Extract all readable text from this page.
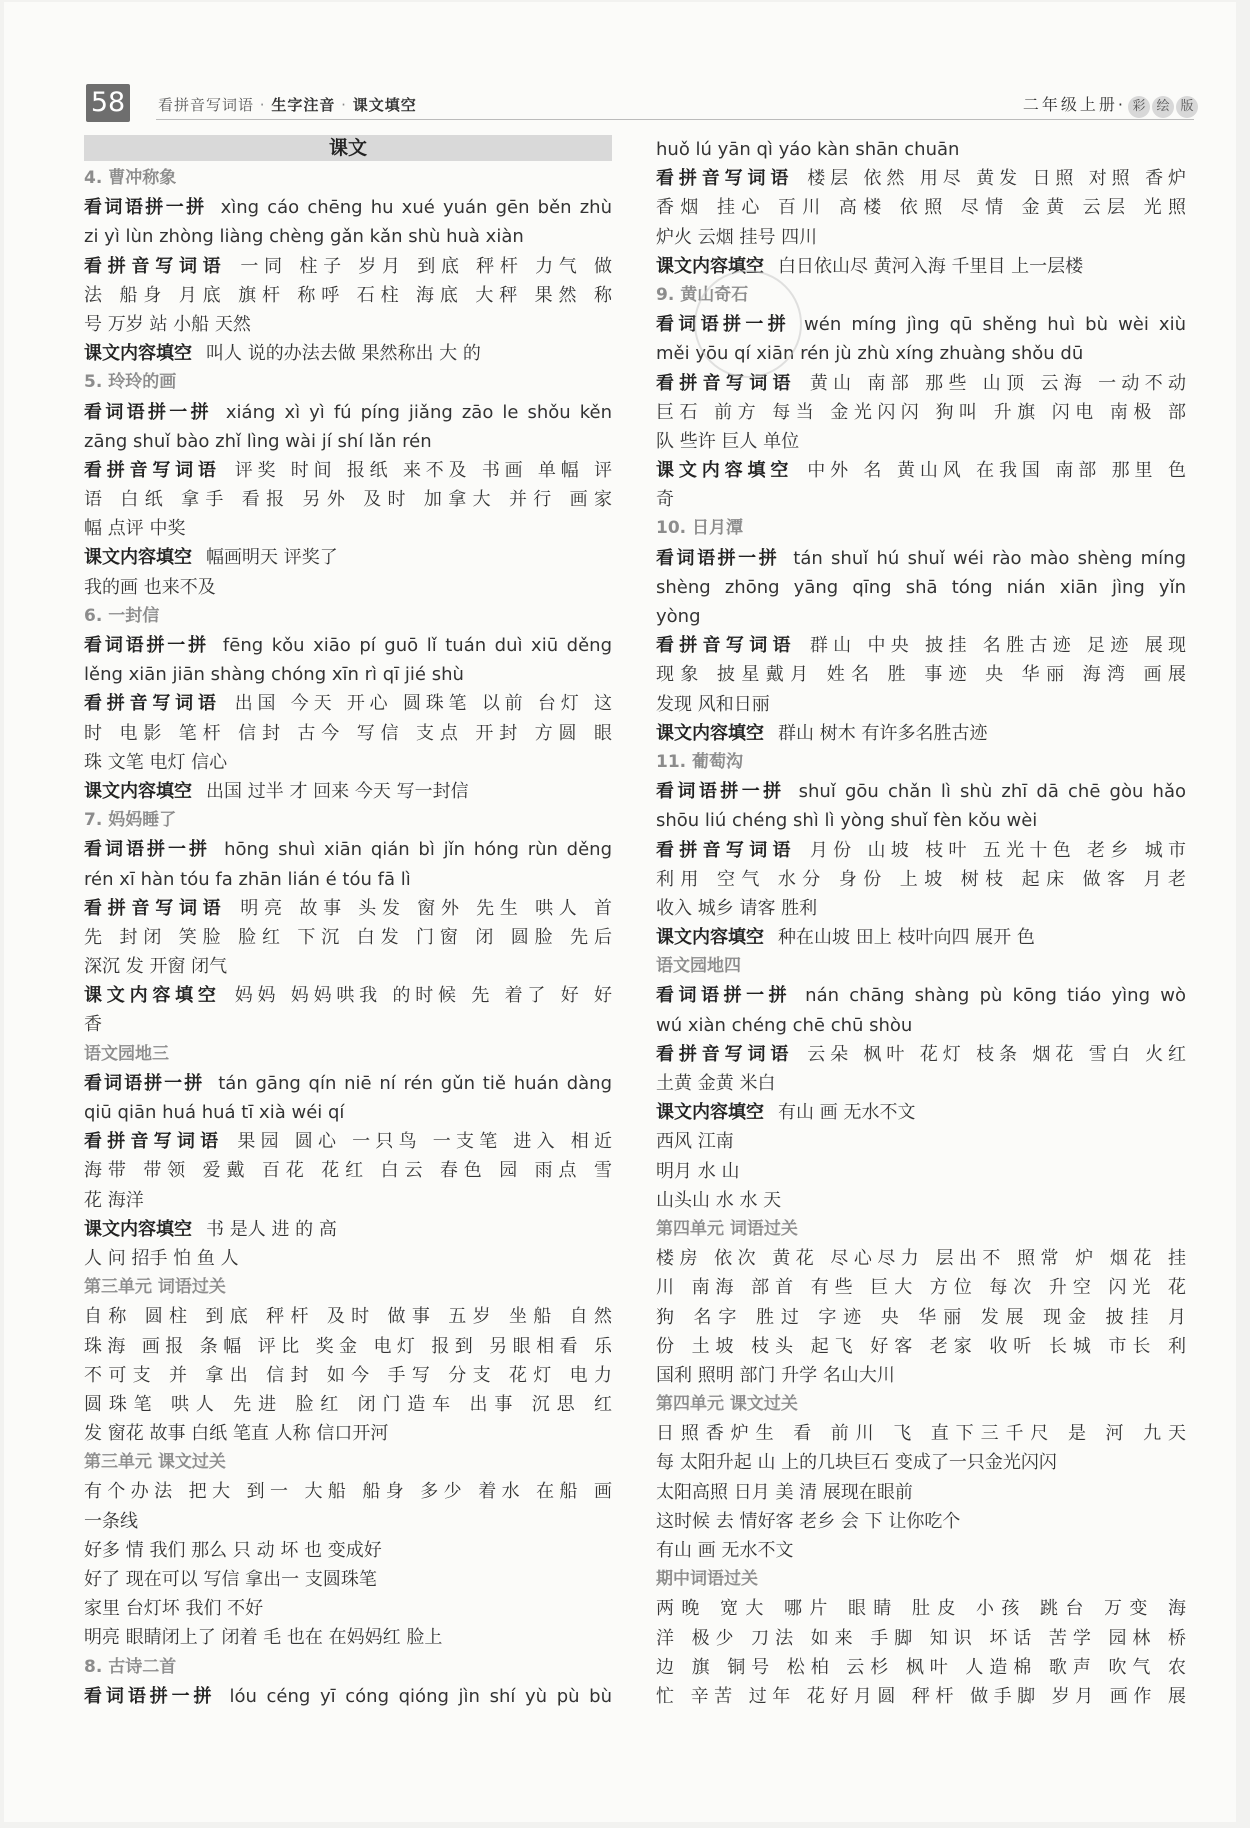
58	看拼音写词语 · 生字注音 · 课文填空	二年级上册· 彩 绘 版
课文
4. 曹冲称象
看词语拼一拼 xìng cáo chēng hu xué yuán gēn běn zhù
zi yì lùn zhòng liàng chèng gǎn kǎn shù huà xiàn
看拼音写词语 一同 柱子 岁月 到底 秤杆 力气 做
法 船身 月底 旗杆 称呼 石柱 海底 大秤 果然 称
号 万岁 站 小船 天然
课文内容填空 叫人 说的办法去做 果然称出 大 的
5. 玲玲的画
看词语拼一拼 xiáng xì yì fú píng jiǎng zāo le shǒu kěn
zāng shuǐ bào zhǐ lìng wài jí shí lǎn rén
看拼音写词语 评奖 时间 报纸 来不及 书画 单幅 评
语 白纸 拿手 看报 另外 及时 加拿大 并行 画家
幅 点评 中奖
课文内容填空 幅画明天 评奖了
我的画 也来不及
6. 一封信
看词语拼一拼 fēng kǒu xiāo pí guō lǐ tuán duì xiū děng
lěng xiān jiān shàng chóng xīn rì qī jié shù
看拼音写词语 出国 今天 开心 圆珠笔 以前 台灯 这
时 电影 笔杆 信封 古今 写信 支点 开封 方圆 眼
珠 文笔 电灯 信心
课文内容填空 出国 过半 才 回来 今天 写一封信
7. 妈妈睡了
看词语拼一拼 hōng shuì xiān qián bì jǐn hóng rùn děng
rén xī hàn tóu fa zhān lián é tóu fā lì
看拼音写词语 明亮 故事 头发 窗外 先生 哄人 首
先 封闭 笑脸 脸红 下沉 白发 门窗 闭 圆脸 先后
深沉 发 开窗 闭气
课文内容填空 妈妈 妈妈哄我 的时候 先 着了 好 好
香
语文园地三
看词语拼一拼 tán gāng qín niē ní rén gǔn tiě huán dàng
qiū qiān huá huá tī xià wéi qí
看拼音写词语 果园 圆心 一只鸟 一支笔 进入 相近
海带 带领 爱戴 百花 花红 白云 春色 园 雨点 雪
花 海洋
课文内容填空 书 是人 进 的 高
人 问 招手 怕 鱼 人
第三单元 词语过关
自称 圆柱 到底 秤杆 及时 做事 五岁 坐船 自然
珠海 画报 条幅 评比 奖金 电灯 报到 另眼相看 乐
不可支 并 拿出 信封 如今 手写 分支 花灯 电力
圆珠笔 哄人 先进 脸红 闭门造车 出事 沉思 红
发 窗花 故事 白纸 笔直 人称 信口开河
第三单元 课文过关
有个办法 把大 到一 大船 船身 多少 着水 在船 画
一条线
好多 情 我们 那么 只 动 坏 也 变成好
好了 现在可以 写信 拿出一 支圆珠笔
家里 台灯坏 我们 不好
明亮 眼睛闭上了 闭着 毛 也在 在妈妈红 脸上
8. 古诗二首
看词语拼一拼 lóu céng yī cóng qióng jìn shí yù pù bù
huǒ lú yān qì yáo kàn shān chuān
看拼音写词语 楼层 依然 用尽 黄发 日照 对照 香炉
香烟 挂心 百川 高楼 依照 尽情 金黄 云层 光照
炉火 云烟 挂号 四川
课文内容填空 白日依山尽 黄河入海 千里目 上一层楼
9. 黄山奇石
看词语拼一拼 wén míng jìng qū shěng huì bù wèi xiù
měi yōu qí xiān rén jù zhù xíng zhuàng shǒu dū
看拼音写词语 黄山 南部 那些 山顶 云海 一动不动
巨石 前方 每当 金光闪闪 狗叫 升旗 闪电 南极 部
队 些许 巨人 单位
课文内容填空 中外 名 黄山风 在我国 南部 那里 色
奇
10. 日月潭
看词语拼一拼 tán shuǐ hú shuǐ wéi rào mào shèng míng
shèng zhōng yāng qīng shā tóng nián xiān jìng yǐn
yòng
看拼音写词语 群山 中央 披挂 名胜古迹 足迹 展现
现象 披星戴月 姓名 胜 事迹 央 华丽 海湾 画展
发现 风和日丽
课文内容填空 群山 树木 有许多名胜古迹
11. 葡萄沟
看词语拼一拼 shuǐ gōu chǎn lì shù zhī dā chē gòu hǎo
shōu liú chéng shì lì yòng shuǐ fèn kǒu wèi
看拼音写词语 月份 山坡 枝叶 五光十色 老乡 城市
利用 空气 水分 身份 上坡 树枝 起床 做客 月老
收入 城乡 请客 胜利
课文内容填空 种在山坡 田上 枝叶向四 展开 色
语文园地四
看词语拼一拼 nán chāng shàng pù kōng tiáo yìng wò
wú xiàn chéng chē chū shòu
看拼音写词语 云朵 枫叶 花灯 枝条 烟花 雪白 火红
土黄 金黄 米白
课文内容填空 有山 画 无水不文
西风 江南
明月 水 山
山头山 水 水 天
第四单元 词语过关
楼房 依次 黄花 尽心尽力 层出不 照常 炉 烟花 挂
川 南海 部首 有些 巨大 方位 每次 升空 闪光 花
狗 名字 胜过 字迹 央 华丽 发展 现金 披挂 月
份 土坡 枝头 起飞 好客 老家 收听 长城 市长 利
国利 照明 部门 升学 名山大川
第四单元 课文过关
日照香炉生 看 前川 飞 直下三千尺 是 河 九天
每 太阳升起 山 上的几块巨石 变成了一只金光闪闪
太阳高照 日月 美 清 展现在眼前
这时候 去 情好客 老乡 会 下 让你吃个
有山 画 无水不文
期中词语过关
两晚 宽大 哪片 眼睛 肚皮 小孩 跳台 万变 海
洋 极少 刀法 如来 手脚 知识 坏话 苦学 园林 桥
边 旗 铜号 松柏 云杉 枫叶 人造棉 歌声 吹气 农
忙 辛苦 过年 花好月圆 秤杆 做手脚 岁月 画作 展
